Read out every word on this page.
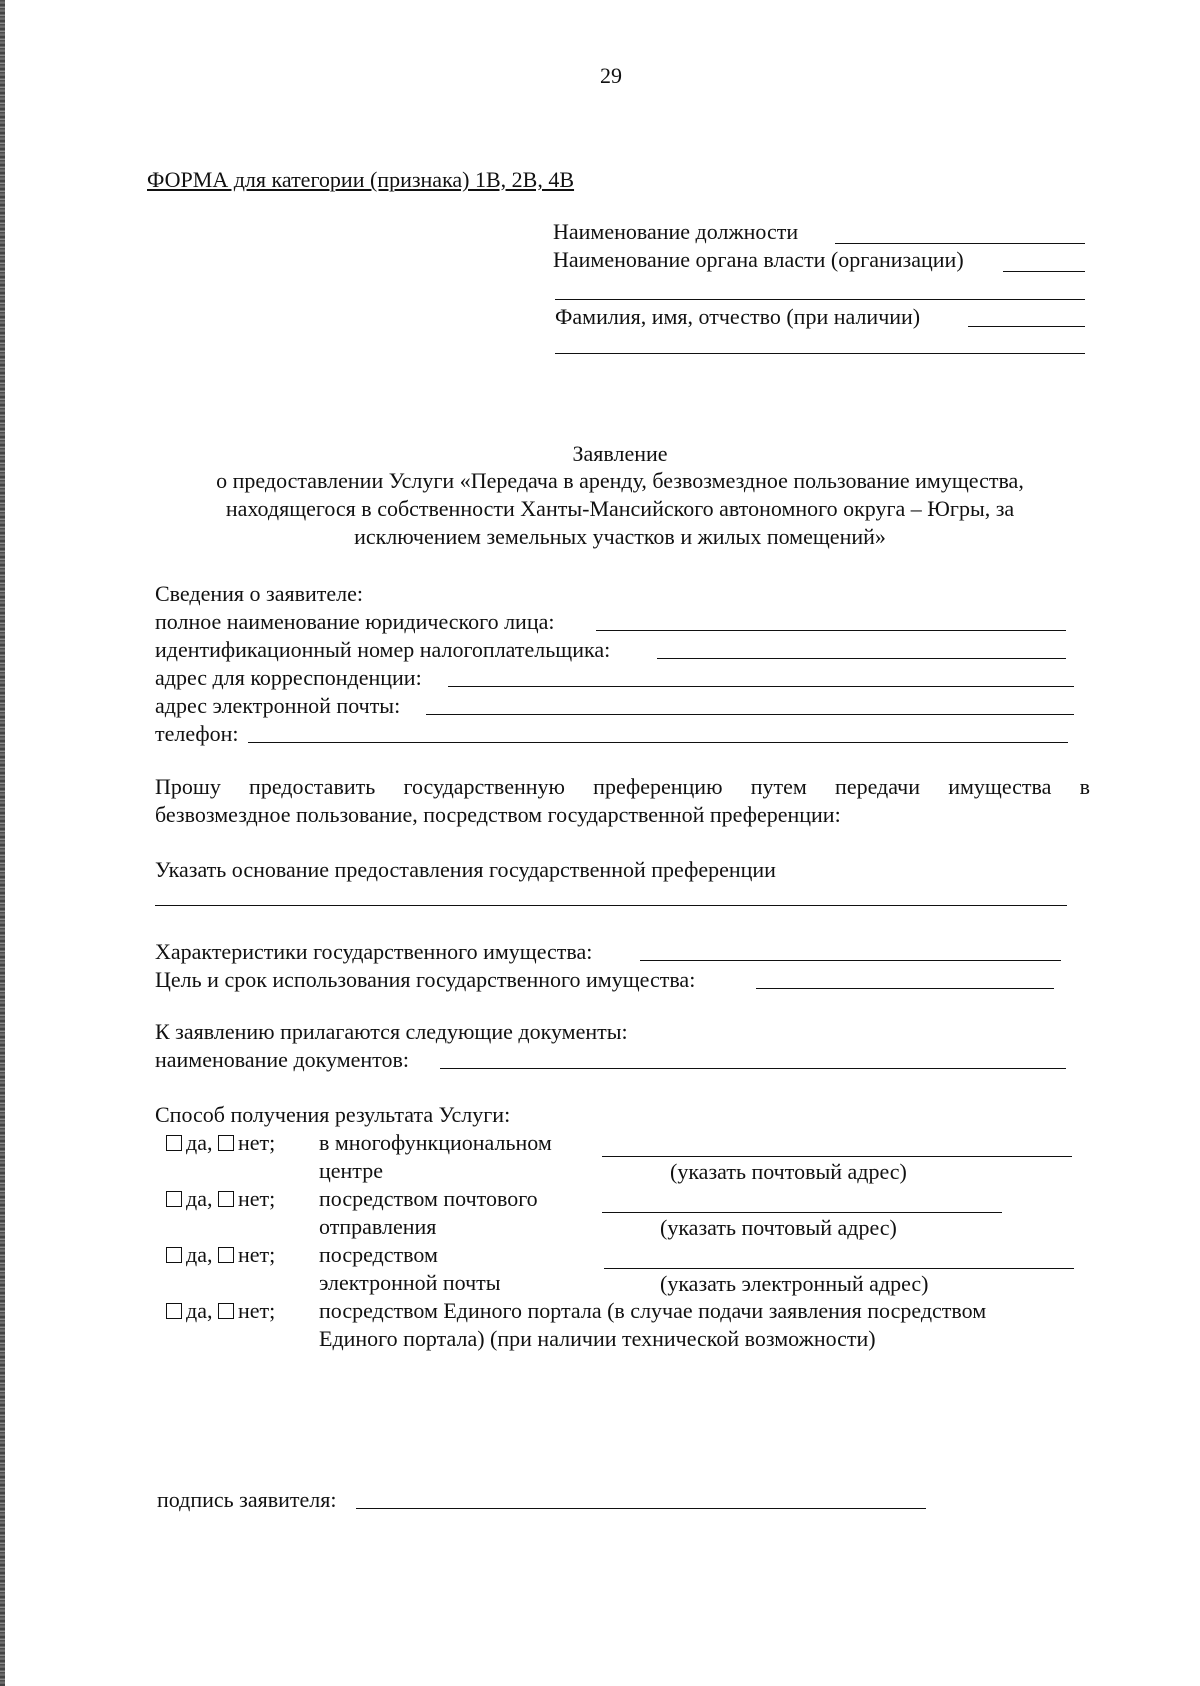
29
ФОРМА для категории (признака) 1В, 2В, 4В
Наименование должности
Наименование органа власти (организации)
Фамилия, имя, отчество (при наличии)
Заявление
о предоставлении Услуги «Передача в аренду, безвозмездное пользование имущества,
находящегося в собственности Ханты-Мансийского автономного округа – Югры, за
исключением земельных участков и жилых помещений»
Сведения о заявителе:
полное наименование юридического лица:
идентификационный номер налогоплательщика:
адрес для корреспонденции:
адрес электронной почты:
телефон:
Прошу предоставить государственную преференцию путем передачи имущества в
безвозмездное пользование, посредством государственной преференции:
Указать основание предоставления государственной преференции
Характеристики государственного имущества:
Цель и срок использования государственного имущества:
К заявлению прилагаются следующие документы:
наименование документов:
Способ получения результата Услуги:
да, нет; в многофункциональном
центре	(указать почтовый адрес)
да, нет; посредством почтового
отправления	(указать почтовый адрес)
да, нет; посредством
электронной почты	(указать электронный адрес)
да, нет; посредством Единого портала (в случае подачи заявления посредством
Единого портала) (при наличии технической возможности)
подпись заявителя:
